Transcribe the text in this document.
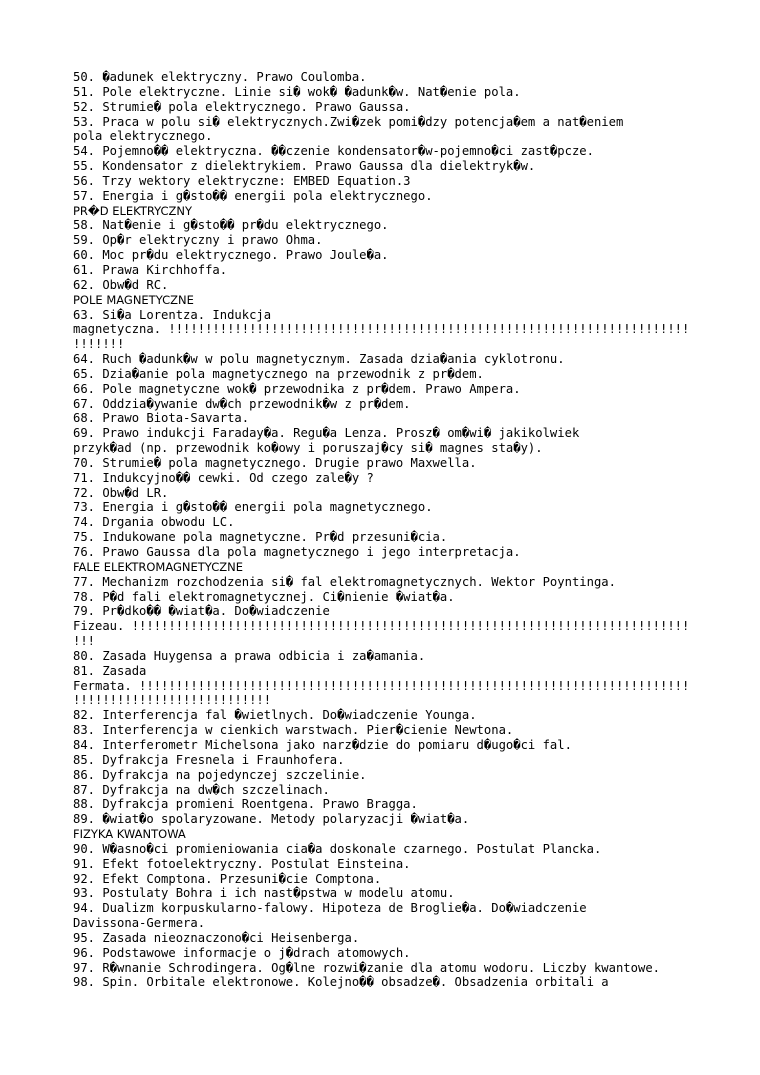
50. �adunek elektryczny. Prawo Coulomba.
51. Pole elektryczne. Linie si� wok� �adunk�w. Nat�enie pola.
52. Strumie� pola elektrycznego. Prawo Gaussa.
53. Praca w polu si� elektrycznych.Zwi�zek pomi�dzy potencja�em a nat�eniem
pola elektrycznego.
54. Pojemno�� elektryczna. ��czenie kondensator�w-pojemno�ci zast�pcze.
55. Kondensator z dielektrykiem. Prawo Gaussa dla dielektryk�w.
56. Trzy wektory elektryczne: EMBED Equation.3
57. Energia i g�sto�� energii pola elektrycznego.
PR�D ELEKTRYCZNY
58. Nat�enie i g�sto�� pr�du elektrycznego.
59. Op�r elektryczny i prawo Ohma.
60. Moc pr�du elektrycznego. Prawo Joule�a.
61. Prawa Kirchhoffa.
62. Obw�d RC.
POLE MAGNETYCZNE
63. Si�a Lorentza. Indukcja
magnetyczna. !!!!!!!!!!!!!!!!!!!!!!!!!!!!!!!!!!!!!!!!!!!!!!!!!!!!!!!!!!!!!!!!!!!!!!!
!!!!!!!
64. Ruch �adunk�w w polu magnetycznym. Zasada dzia�ania cyklotronu.
65. Dzia�anie pola magnetycznego na przewodnik z pr�dem.
66. Pole magnetyczne wok� przewodnika z pr�dem. Prawo Ampera.
67. Oddzia�ywanie dw�ch przewodnik�w z pr�dem.
68. Prawo Biota-Savarta.
69. Prawo indukcji Faraday�a. Regu�a Lenza. Prosz� om�wi� jakikolwiek
przyk�ad (np. przewodnik ko�owy i poruszaj�cy si� magnes sta�y).
70. Strumie� pola magnetycznego. Drugie prawo Maxwella.
71. Indukcyjno�� cewki. Od czego zale�y ?
72. Obw�d LR.
73. Energia i g�sto�� energii pola magnetycznego.
74. Drgania obwodu LC.
75. Indukowane pola magnetyczne. Pr�d przesuni�cia.
76. Prawo Gaussa dla pola magnetycznego i jego interpretacja.
FALE ELEKTROMAGNETYCZNE
77. Mechanizm rozchodzenia si� fal elektromagnetycznych. Wektor Poyntinga.
78. P�d fali elektromagnetycznej. Ci�nienie �wiat�a.
79. Pr�dko�� �wiat�a. Do�wiadczenie
Fizeau. !!!!!!!!!!!!!!!!!!!!!!!!!!!!!!!!!!!!!!!!!!!!!!!!!!!!!!!!!!!!!!!!!!!!!!!!!!!!
!!!
80. Zasada Huygensa a prawa odbicia i za�amania.
81. Zasada
Fermata. !!!!!!!!!!!!!!!!!!!!!!!!!!!!!!!!!!!!!!!!!!!!!!!!!!!!!!!!!!!!!!!!!!!!!!!!!!!
!!!!!!!!!!!!!!!!!!!!!!!!!!!
82. Interferencja fal �wietlnych. Do�wiadczenie Younga.
83. Interferencja w cienkich warstwach. Pier�cienie Newtona.
84. Interferometr Michelsona jako narz�dzie do pomiaru d�ugo�ci fal.
85. Dyfrakcja Fresnela i Fraunhofera.
86. Dyfrakcja na pojedynczej szczelinie.
87. Dyfrakcja na dw�ch szczelinach.
88. Dyfrakcja promieni Roentgena. Prawo Bragga.
89. �wiat�o spolaryzowane. Metody polaryzacji �wiat�a.
FIZYKA KWANTOWA
90. W�asno�ci promieniowania cia�a doskonale czarnego. Postulat Plancka.
91. Efekt fotoelektryczny. Postulat Einsteina.
92. Efekt Comptona. Przesuni�cie Comptona.
93. Postulaty Bohra i ich nast�pstwa w modelu atomu.
94. Dualizm korpuskularno-falowy. Hipoteza de Broglie�a. Do�wiadczenie
Davissona-Germera.
95. Zasada nieoznaczono�ci Heisenberga.
96. Podstawowe informacje o j�drach atomowych.
97. R�wnanie Schrodingera. Og�lne rozwi�zanie dla atomu wodoru. Liczby kwantowe.
98. Spin. Orbitale elektronowe. Kolejno�� obsadze�. Obsadzenia orbitali a
